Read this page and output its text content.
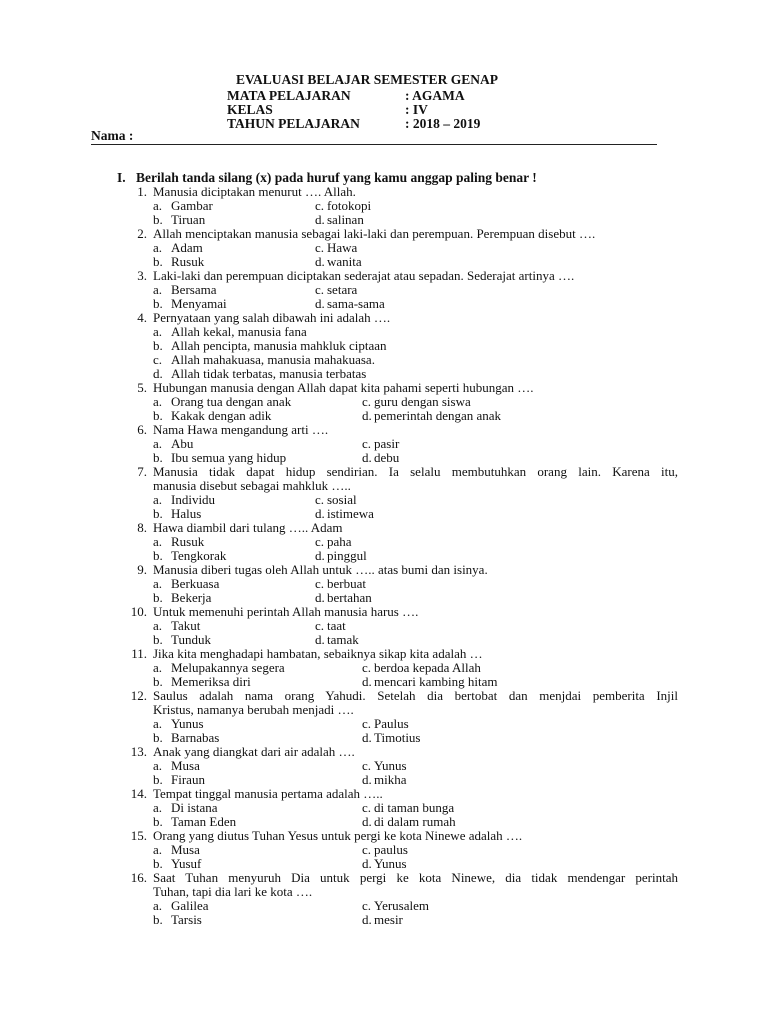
EVALUASI BELAJAR SEMESTER GENAP
MATA PELAJARAN	: AGAMA
KELAS	: IV
TAHUN PELAJARAN	: 2018 – 2019
Nama :
I. Berilah tanda silang (x) pada huruf yang kamu anggap paling benar !
1. Manusia diciptakan menurut …. Allah.
a. Gambar	c. fotokopi
b. Tiruan	d. salinan
2. Allah menciptakan manusia sebagai laki-laki dan perempuan. Perempuan disebut ….
a. Adam	c. Hawa
b. Rusuk	d. wanita
3. Laki-laki dan perempuan diciptakan sederajat atau sepadan. Sederajat artinya ….
a. Bersama	c. setara
b. Menyamai	d. sama-sama
4. Pernyataan yang salah dibawah ini adalah ….
a. Allah kekal, manusia fana
b. Allah pencipta, manusia mahkluk ciptaan
c. Allah mahakuasa, manusia mahakuasa.
d. Allah tidak terbatas, manusia terbatas
5. Hubungan manusia dengan Allah dapat kita pahami seperti hubungan ….
a. Orang tua dengan anak	c. guru dengan siswa
b. Kakak dengan adik	d. pemerintah dengan anak
6. Nama Hawa mengandung arti ….
a. Abu	c. pasir
b. Ibu semua yang hidup	d. debu
7. Manusia tidak dapat hidup sendirian. Ia selalu membutuhkan orang lain. Karena itu,
manusia disebut sebagai mahkluk …..
a. Individu	c. sosial
b. Halus	d. istimewa
8. Hawa diambil dari tulang ….. Adam
a. Rusuk	c. paha
b. Tengkorak	d. pinggul
9. Manusia diberi tugas oleh Allah untuk ….. atas bumi dan isinya.
a. Berkuasa	c. berbuat
b. Bekerja	d. bertahan
10. Untuk memenuhi perintah Allah manusia harus ….
a. Takut	c. taat
b. Tunduk	d. tamak
11. Jika kita menghadapi hambatan, sebaiknya sikap kita adalah …
a. Melupakannya segera	c. berdoa kepada Allah
b. Memeriksa diri	d. mencari kambing hitam
12. Saulus adalah nama orang Yahudi. Setelah dia bertobat dan menjdai pemberita Injil
Kristus, namanya berubah menjadi ….
a. Yunus	c. Paulus
b. Barnabas	d. Timotius
13. Anak yang diangkat dari air adalah ….
a. Musa	c. Yunus
b. Firaun	d. mikha
14. Tempat tinggal manusia pertama adalah …..
a. Di istana	c. di taman bunga
b. Taman Eden	d. di dalam rumah
15. Orang yang diutus Tuhan Yesus untuk pergi ke kota Ninewe adalah ….
a. Musa	c. paulus
b. Yusuf	d. Yunus
16. Saat Tuhan menyuruh Dia untuk pergi ke kota Ninewe, dia tidak mendengar perintah
Tuhan, tapi dia lari ke kota ….
a. Galilea	c. Yerusalem
b. Tarsis	d. mesir
